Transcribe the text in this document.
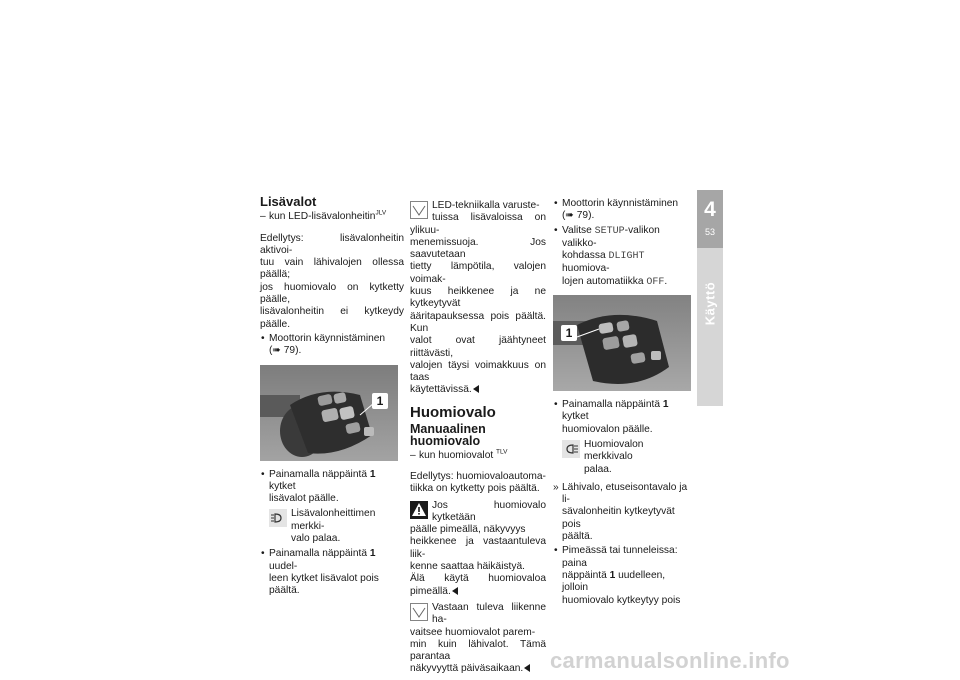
Lisävalot
– kun LED-lisävalonheitin$^{JLV}$
Edellytys: lisävalonheitin aktivoi-
tuu vain lähivalojen ollessa päällä;
jos huomiovalo on kytketty päälle,
lisävalonheitin ei kytkeydy päälle.
• Moottorin käynnistäminen
(➠ 79).
1
• Painamalla näppäintä 1 kytket
lisävalot päälle.
Lisävalonheittimen merkki-
valo palaa.
• Painamalla näppäintä 1 uudel-
leen kytket lisävalot pois päältä.
LED-tekniikalla varuste-
tuissa lisävaloissa on ylikuu-
menemissuoja. Jos saavutetaan
tietty lämpötila, valojen voimak-
kuus heikkenee ja ne kytkeytyvät
ääritapauksessa pois päältä. Kun
valot ovat jäähtyneet riittävästi,
valojen täysi voimakkuus on taas
käytettävissä.
Huomiovalo
Manuaalinen huomiovalo
– kun huomiovalot $^{TLV}$
Edellytys: huomiovaloautoma-
tiikka on kytketty pois päältä.
Jos huomiovalo kytketään
päälle pimeällä, näkyvyys
heikkenee ja vastaantuleva liik-
kenne saattaa häikäistyä.
Älä käytä huomiovaloa pimeällä.
Vastaan tuleva liikenne ha-
vaitsee huomiovalot parem-
min kuin lähivalot. Tämä parantaa
näkyvyyttä päiväsaikaan.
• Moottorin käynnistäminen
(➠ 79).
• Valitse SETUP-valikon valikko-
kohdassa DLIGHT huomiova-
lojen automatiikka OFF.
1
• Painamalla näppäintä 1 kytket
huomiovalon päälle.
Huomiovalon merkkivalo
palaa.
» Lähivalo, etuseisontavalo ja li-
sävalonheitin kytkeytyvät pois
päältä.
• Pimeässä tai tunneleissa: paina
näppäintä 1 uudelleen, jolloin
huomiovalo kytkeytyy pois
4
53
Käyttö
carmanualsonline.info
